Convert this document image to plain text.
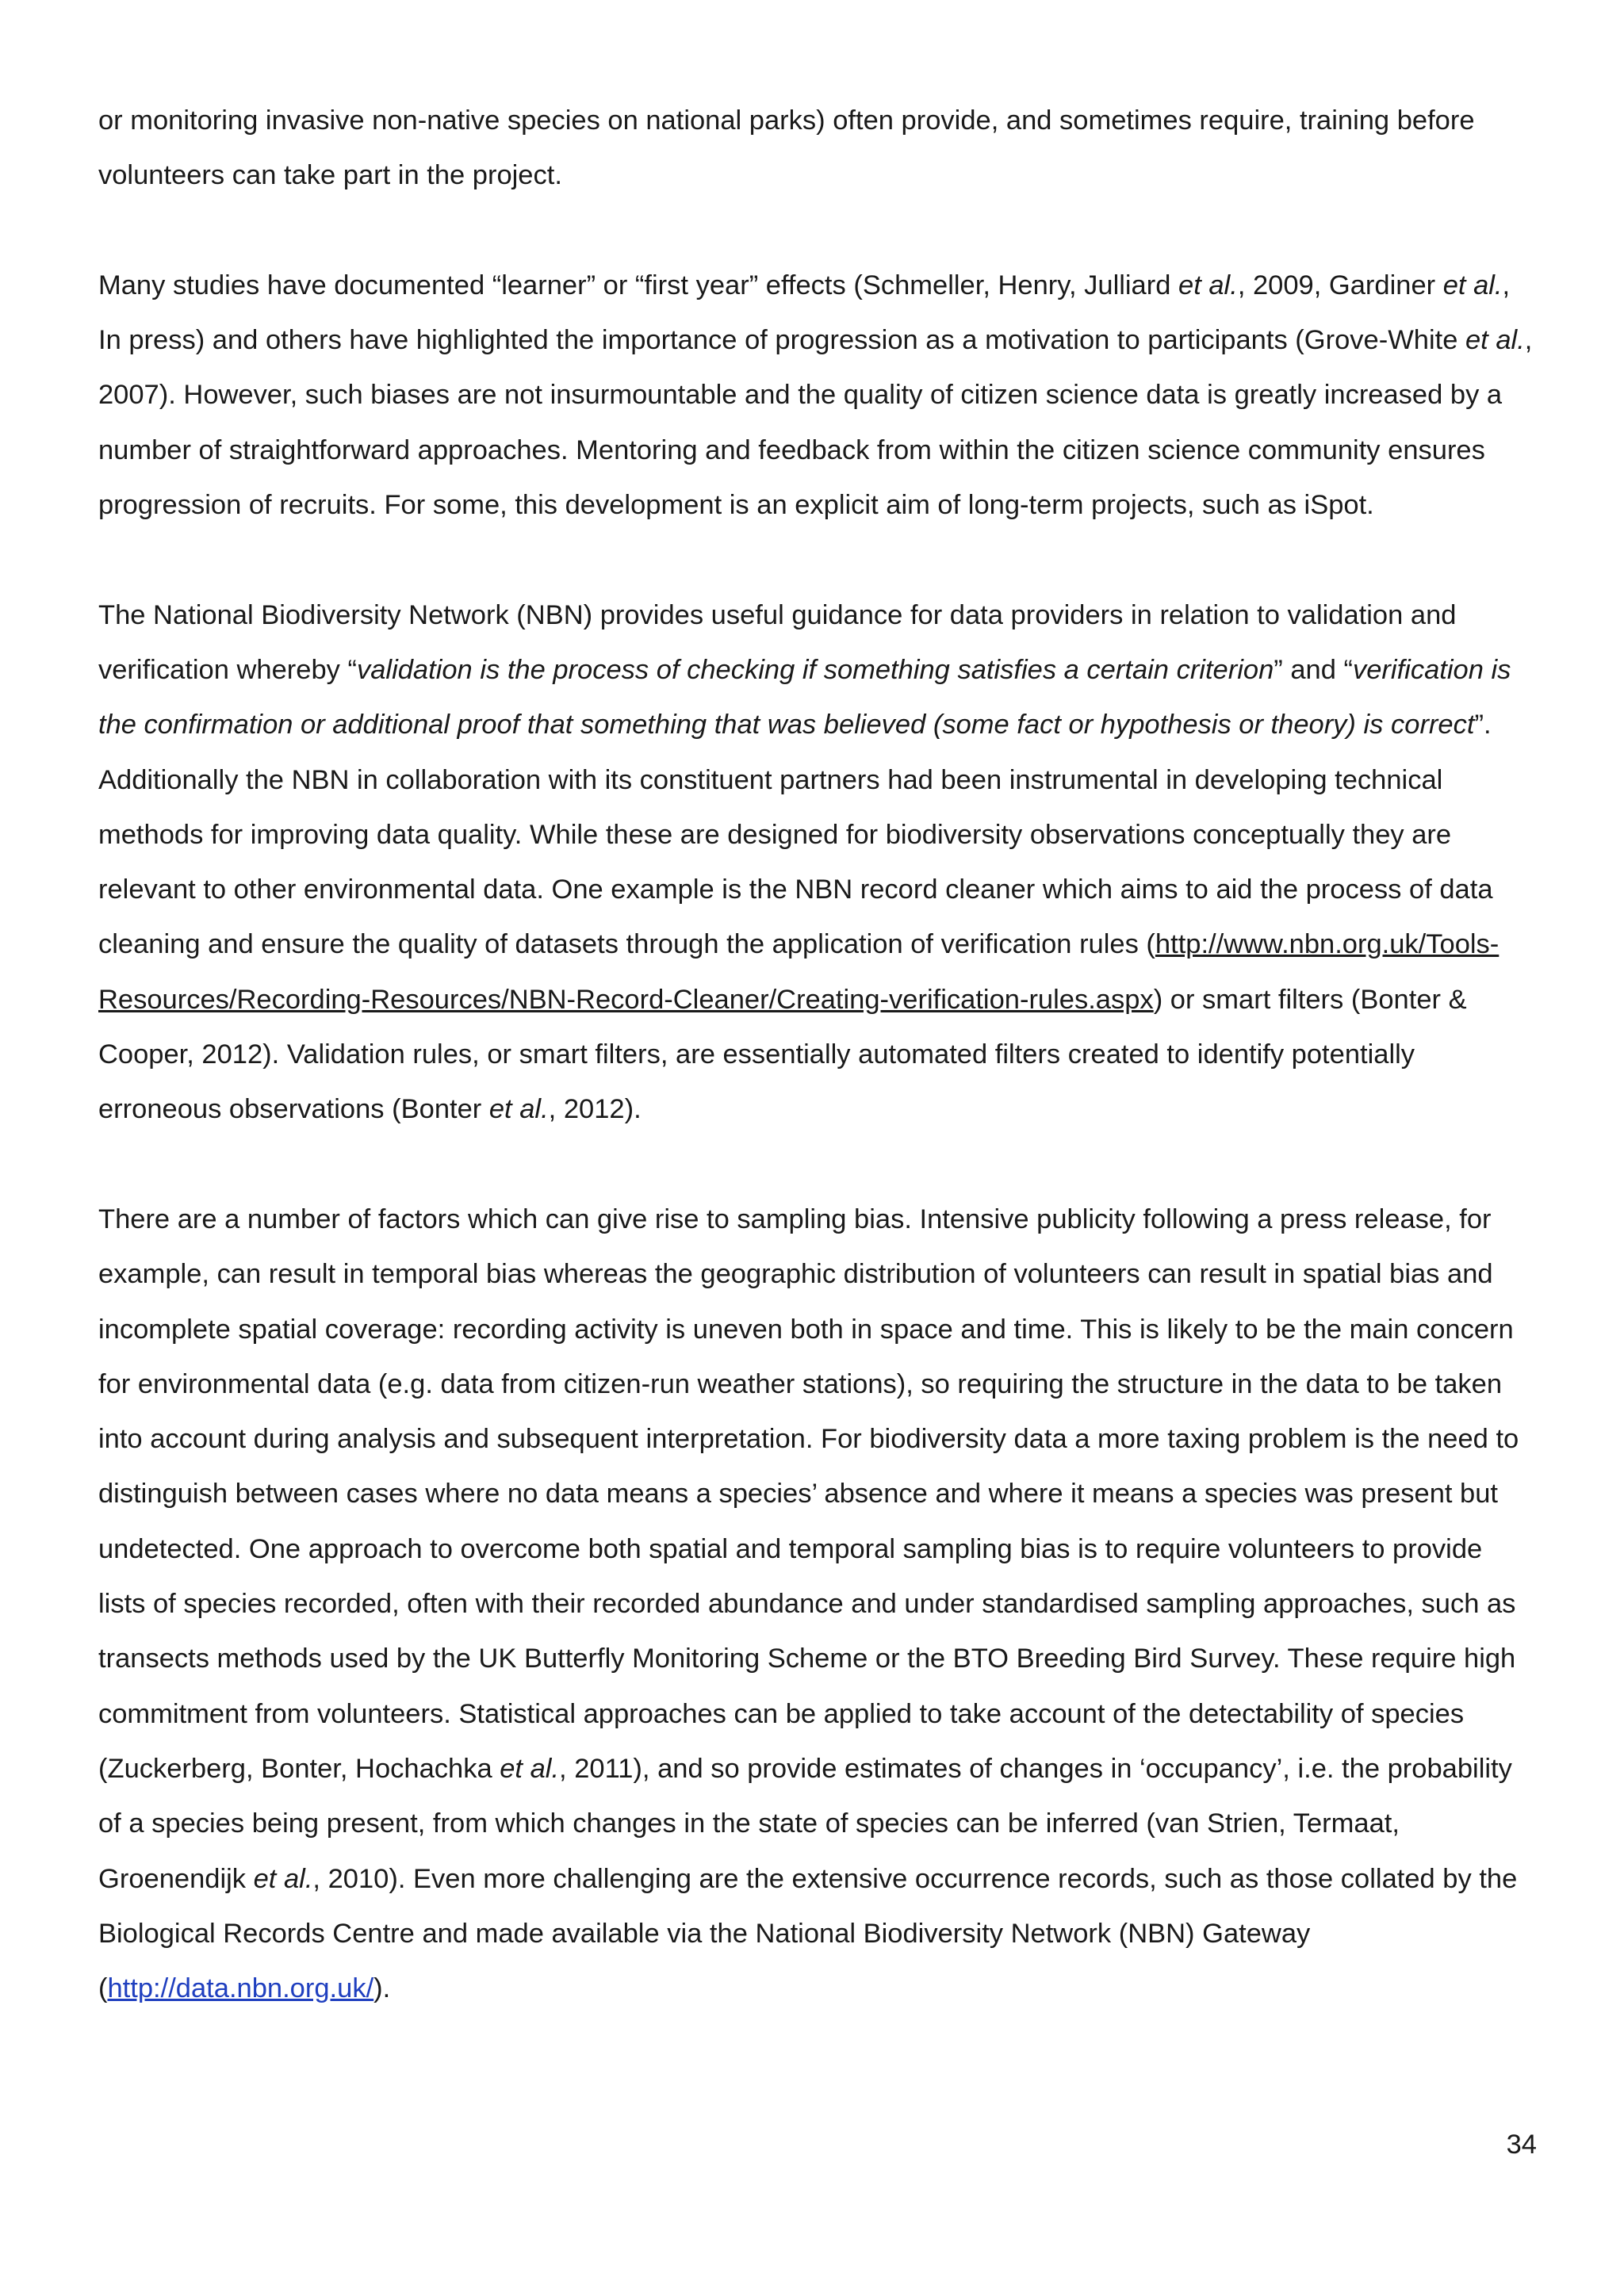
or monitoring invasive non-native species on national parks) often provide, and sometimes require, training before volunteers can take part in the project.

Many studies have documented “learner” or “first year” effects (Schmeller, Henry, Julliard et al., 2009, Gardiner et al., In press) and others have highlighted the importance of progression as a motivation to participants (Grove-White et al., 2007). However, such biases are not insurmountable and the quality of citizen science data is greatly increased by a number of straightforward approaches. Mentoring and feedback from within the citizen science community ensures progression of recruits. For some, this development is an explicit aim of long-term projects, such as iSpot.

The National Biodiversity Network (NBN) provides useful guidance for data providers in relation to validation and verification whereby “validation is the process of checking if something satisfies a certain criterion” and “verification is the confirmation or additional proof that something that was believed (some fact or hypothesis or theory) is correct”. Additionally the NBN in collaboration with its constituent partners had been instrumental in developing technical methods for improving data quality. While these are designed for biodiversity observations conceptually they are relevant to other environmental data. One example is the NBN record cleaner which aims to aid the process of data cleaning and ensure the quality of datasets through the application of verification rules (http://www.nbn.org.uk/Tools-Resources/Recording-Resources/NBN-Record-Cleaner/Creating-verification-rules.aspx) or smart filters (Bonter & Cooper, 2012). Validation rules, or smart filters, are essentially automated filters created to identify potentially erroneous observations (Bonter et al., 2012).

There are a number of factors which can give rise to sampling bias. Intensive publicity following a press release, for example, can result in temporal bias whereas the geographic distribution of volunteers can result in spatial bias and incomplete spatial coverage: recording activity is uneven both in space and time. This is likely to be the main concern for environmental data (e.g. data from citizen-run weather stations), so requiring the structure in the data to be taken into account during analysis and subsequent interpretation. For biodiversity data a more taxing problem is the need to distinguish between cases where no data means a species’ absence and where it means a species was present but undetected. One approach to overcome both spatial and temporal sampling bias is to require volunteers to provide lists of species recorded, often with their recorded abundance and under standardised sampling approaches, such as transects methods used by the UK Butterfly Monitoring Scheme or the BTO Breeding Bird Survey. These require high commitment from volunteers. Statistical approaches can be applied to take account of the detectability of species (Zuckerberg, Bonter, Hochachka et al., 2011), and so provide estimates of changes in ‘occupancy’, i.e. the probability of a species being present, from which changes in the state of species can be inferred (van Strien, Termaat, Groenendijk et al., 2010). Even more challenging are the extensive occurrence records, such as those collated by the Biological Records Centre and made available via the National Biodiversity Network (NBN) Gateway (http://data.nbn.org.uk/).

34
